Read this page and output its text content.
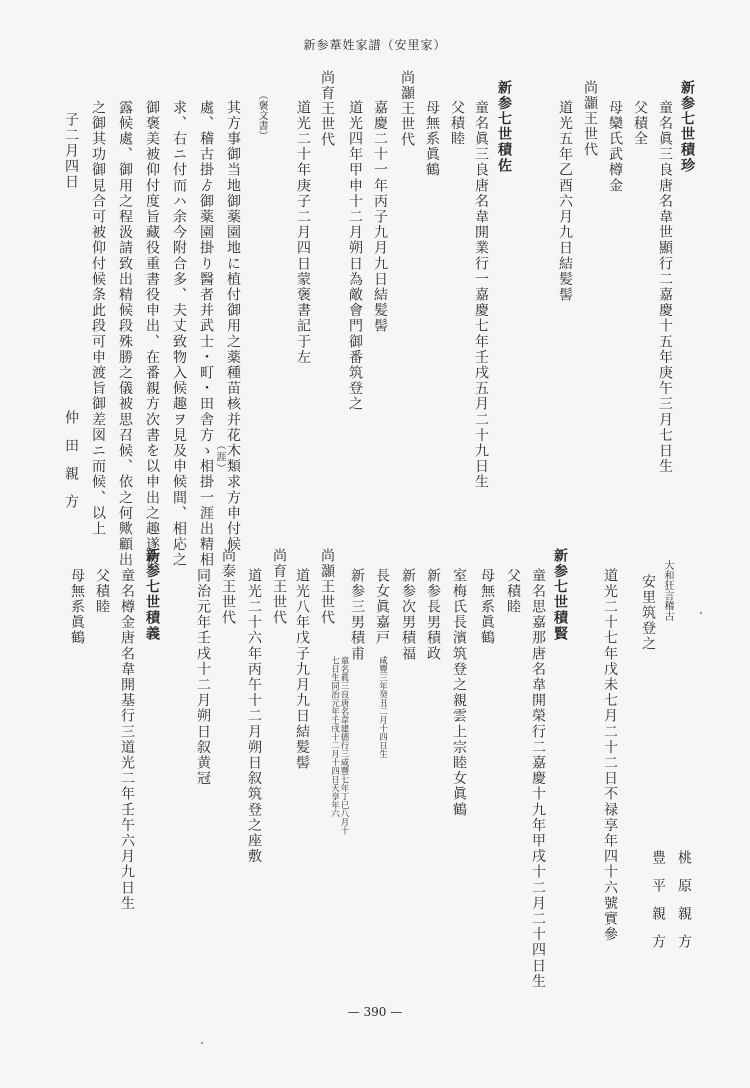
新参葦姓家譜（安里家）
新参七世積珍
童名眞三良唐名韋世顯行二嘉慶十五年庚午三月七日生
父積全
母欒氏武樽金
尚灝王世代
道光五年乙酉六月九日結髪髻
新参七世積佐
童名眞三良唐名韋開業行一嘉慶七年壬戌五月二十九日生
父積睦
母無系眞鶴
尚灝王世代
嘉慶二十一年丙子九月九日結髪髻
道光四年甲申十二月朔日為敵會門御番筑登之
尚育王世代
道光二十年庚子二月四日蒙褒書記于左
（褒文書）
其方事御当地御薬園地に植付御用之薬種苗核并花木類求方申付候
處、稽古掛ゟ御薬園掛り醫者并武士・町・田舎方ゝ相掛一涯出精相 （涯）
求、右ニ付而ハ余今附合多、夫丈致物入候趣ヲ見及申候間、相応之
御褒美被仰付度旨藏役重書役申出、在番親方次書を以申出之趣遂披
露候處、御用之程汲請致出精候段殊勝之儀被思召候、依之何歟顧出
之御其功御見合可被仰付候条此段可申渡旨御差図ニ而候、以上
子二月四日
仲田親方
大和狂言稽古
安里筑登之
桃原親方
豊平親方
道光二十七年戊未七月二十二日不禄享年四十六號實參
新参七世積賢
童名思嘉那唐名韋開榮行二嘉慶十九年甲戌十二月二十四日生
父積睦
母無系眞鶴
室梅氏長濱筑登之親雲上宗睦女眞鶴
新参長男積政
新参次男積福
長女眞嘉戸
咸豐三年癸丑二月十四日生
新参三男積甫
童名眞三良唐名韋建德行三咸豐七年丁巳八月十
七日生同治元年壬戌十二月十四日夭享年六
尚灝王世代
道光八年戊子九月九日結髪髻
尚育王世代
道光二十六年丙午十二月朔日叙筑登之座敷
尚泰王世代
同治元年壬戌十二月朔日叙黄冠
新参七世積義
童名樽金唐名韋開基行三道光二年壬午六月九日生
父積睦
母無系眞鶴
— 390 —
